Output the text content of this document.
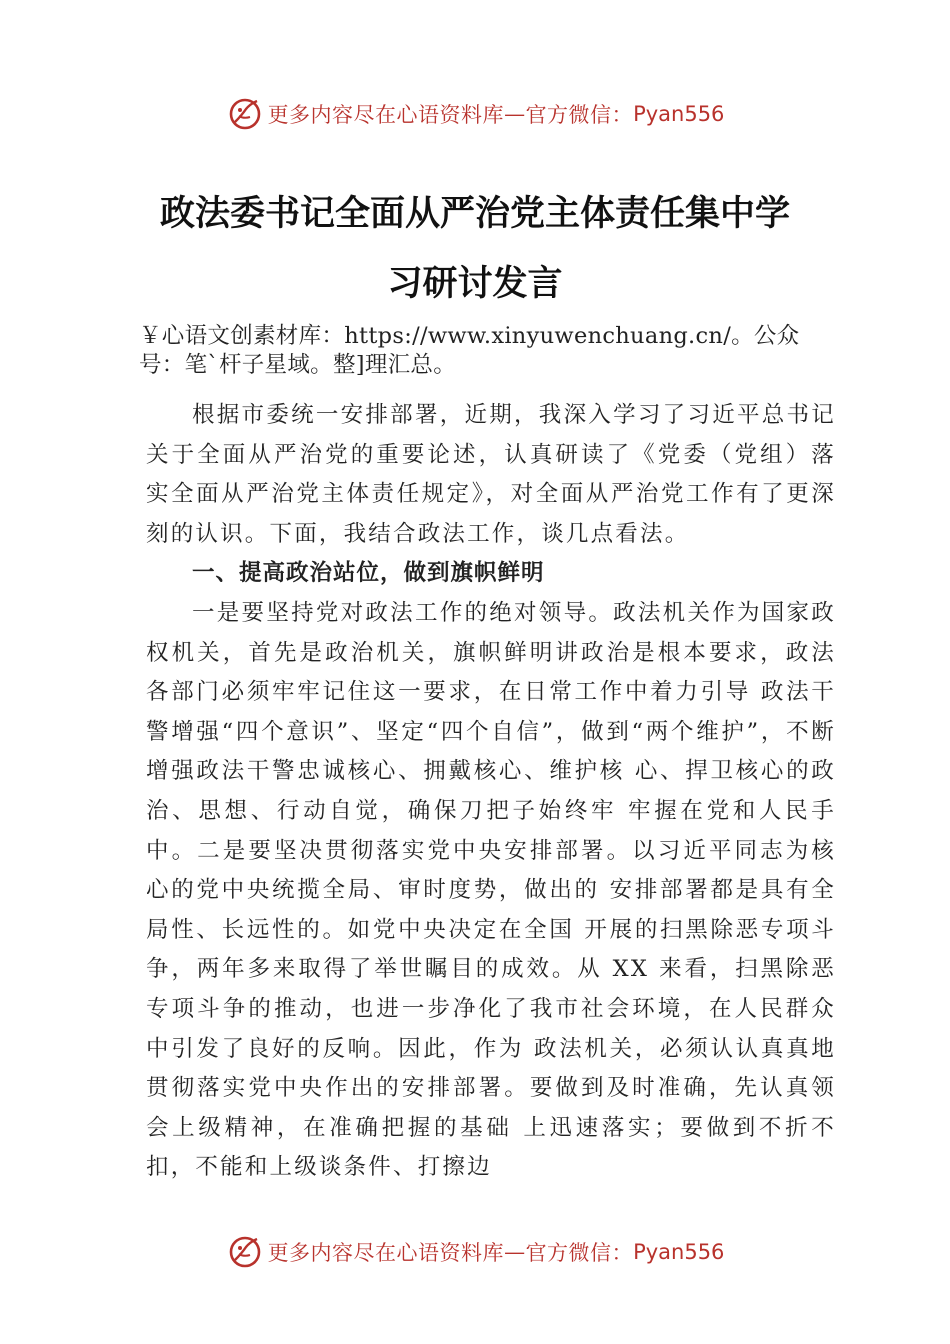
更多内容尽在心语资料库 — 官方微信： Pyan556
政法委书记全面从严治党主体责任集中学
习研讨发言
￥心语文创素材库：https://www.xinyuwenchuang.cn/。公众号：笔`杆子星域。整]理汇总。

根据市委统一安排部署，近期，我深入学习了习近平总书记关于全面从严治党的重要论述，认真研读了《党委（党组）落实全面从严治党主体责任规定》，对全面从严治党工作有了更深刻的认识。下面，我结合政法工作，谈几点看法。

一、提高政治站位，做到旗帜鲜明

一是要坚持党对政法工作的绝对领导。政法机关作为国家政权机关，首先是政治机关，旗帜鲜明讲政治是根本要求，政法各部门必须牢牢记住这一要求，在日常工作中着力引导 政法干警增强“四个意识”、坚定“四个自信”，做到“两个维护”，不断增强政法干警忠诚核心、拥戴核心、维护核 心、捍卫核心的政治、思想、行动自觉，确保刀把子始终牢 牢握在党和人民手中。二是要坚决贯彻落实党中央安排部署。以习近平同志为核心的党中央统揽全局、审时度势，做出的 安排部署都是具有全局性、长远性的。如党中央决定在全国 开展的扫黑除恶专项斗争，两年多来取得了举世瞩目的成效。从 XX 来看，扫黑除恶专项斗争的推动，也进一步净化了我市社会环境，在人民群众中引发了良好的反响。因此，作为 政法机关，必须认认真真地贯彻落实党中央作出的安排部署。要做到及时准确，先认真领会上级精神，在准确把握的基础 上迅速落实；要做到不折不扣，不能和上级谈条件、打擦边

更多内容尽在心语资料库 — 官方微信： Pyan556
